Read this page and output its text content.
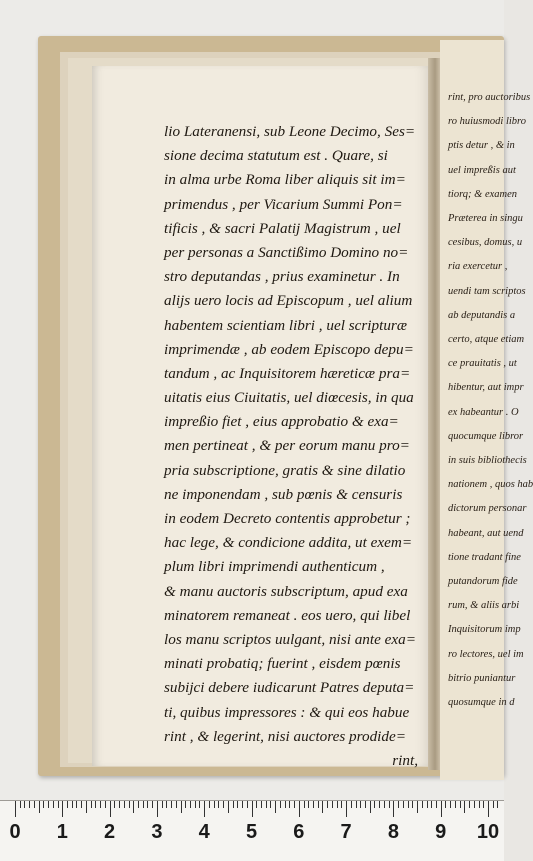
lio Lateranensi, sub Leone Decimo, Ses=
sione decima statutum est . Quare, si
in alma urbe Roma liber aliquis sit im=
primendus , per Vicarium Summi Pon=
tificis , & sacri Palatij Magistrum , uel
per personas a Sanctißimo Domino no=
stro deputandas , prius examinetur . In
alijs uero locis ad Episcopum , uel alium
habentem scientiam libri , uel scripturæ
imprimendæ , ab eodem Episcopo depu=
tandum , ac Inquisitorem hæreticæ pra=
uitatis eius Ciuitatis, uel diœcesis, in qua
impreßio fiet , eius approbatio & exa=
men pertineat , & per eorum manu pro=
pria subscriptione, gratis & sine dilatio
ne imponendam , sub pœnis & censuris
in eodem Decreto contentis approbetur ;
hac lege, & condicione addita, ut exem=
plum libri imprimendi authenticum ,
& manu auctoris subscriptum, apud exa
minatorem remaneat . eos uero, qui libel
los manu scriptos uulgant, nisi ante exa=
minati probatiq; fuerint , eisdem pœnis
subijci debere iudicarunt Patres deputa=
ti, quibus impressores : & qui eos habue
rint , & legerint, nisi auctores prodide=
rint,
rint, pro auctoribus
ro huiusmodi libro
ptis detur , & in
uel impreßis aut
tiorq; & examen
Præterea in singu
cesibus, domus, u
ria exercetur ,
uendi tam scriptos
ab deputandis a
certo, atque etiam
ce prauitatis , ut
hibentur, aut impr
ex habeantur . O
quocumque libror
in suis bibliothecis
nationem , quos hab
dictorum personar
habeant, aut uend
tione tradant fine
putandorum fide
rum, & aliis arbi
Inquisitorum imp
ro lectores, uel im
bitrio puniantur
quosumque in d
0 1 2 3 4 5 6 7 8 9 10
